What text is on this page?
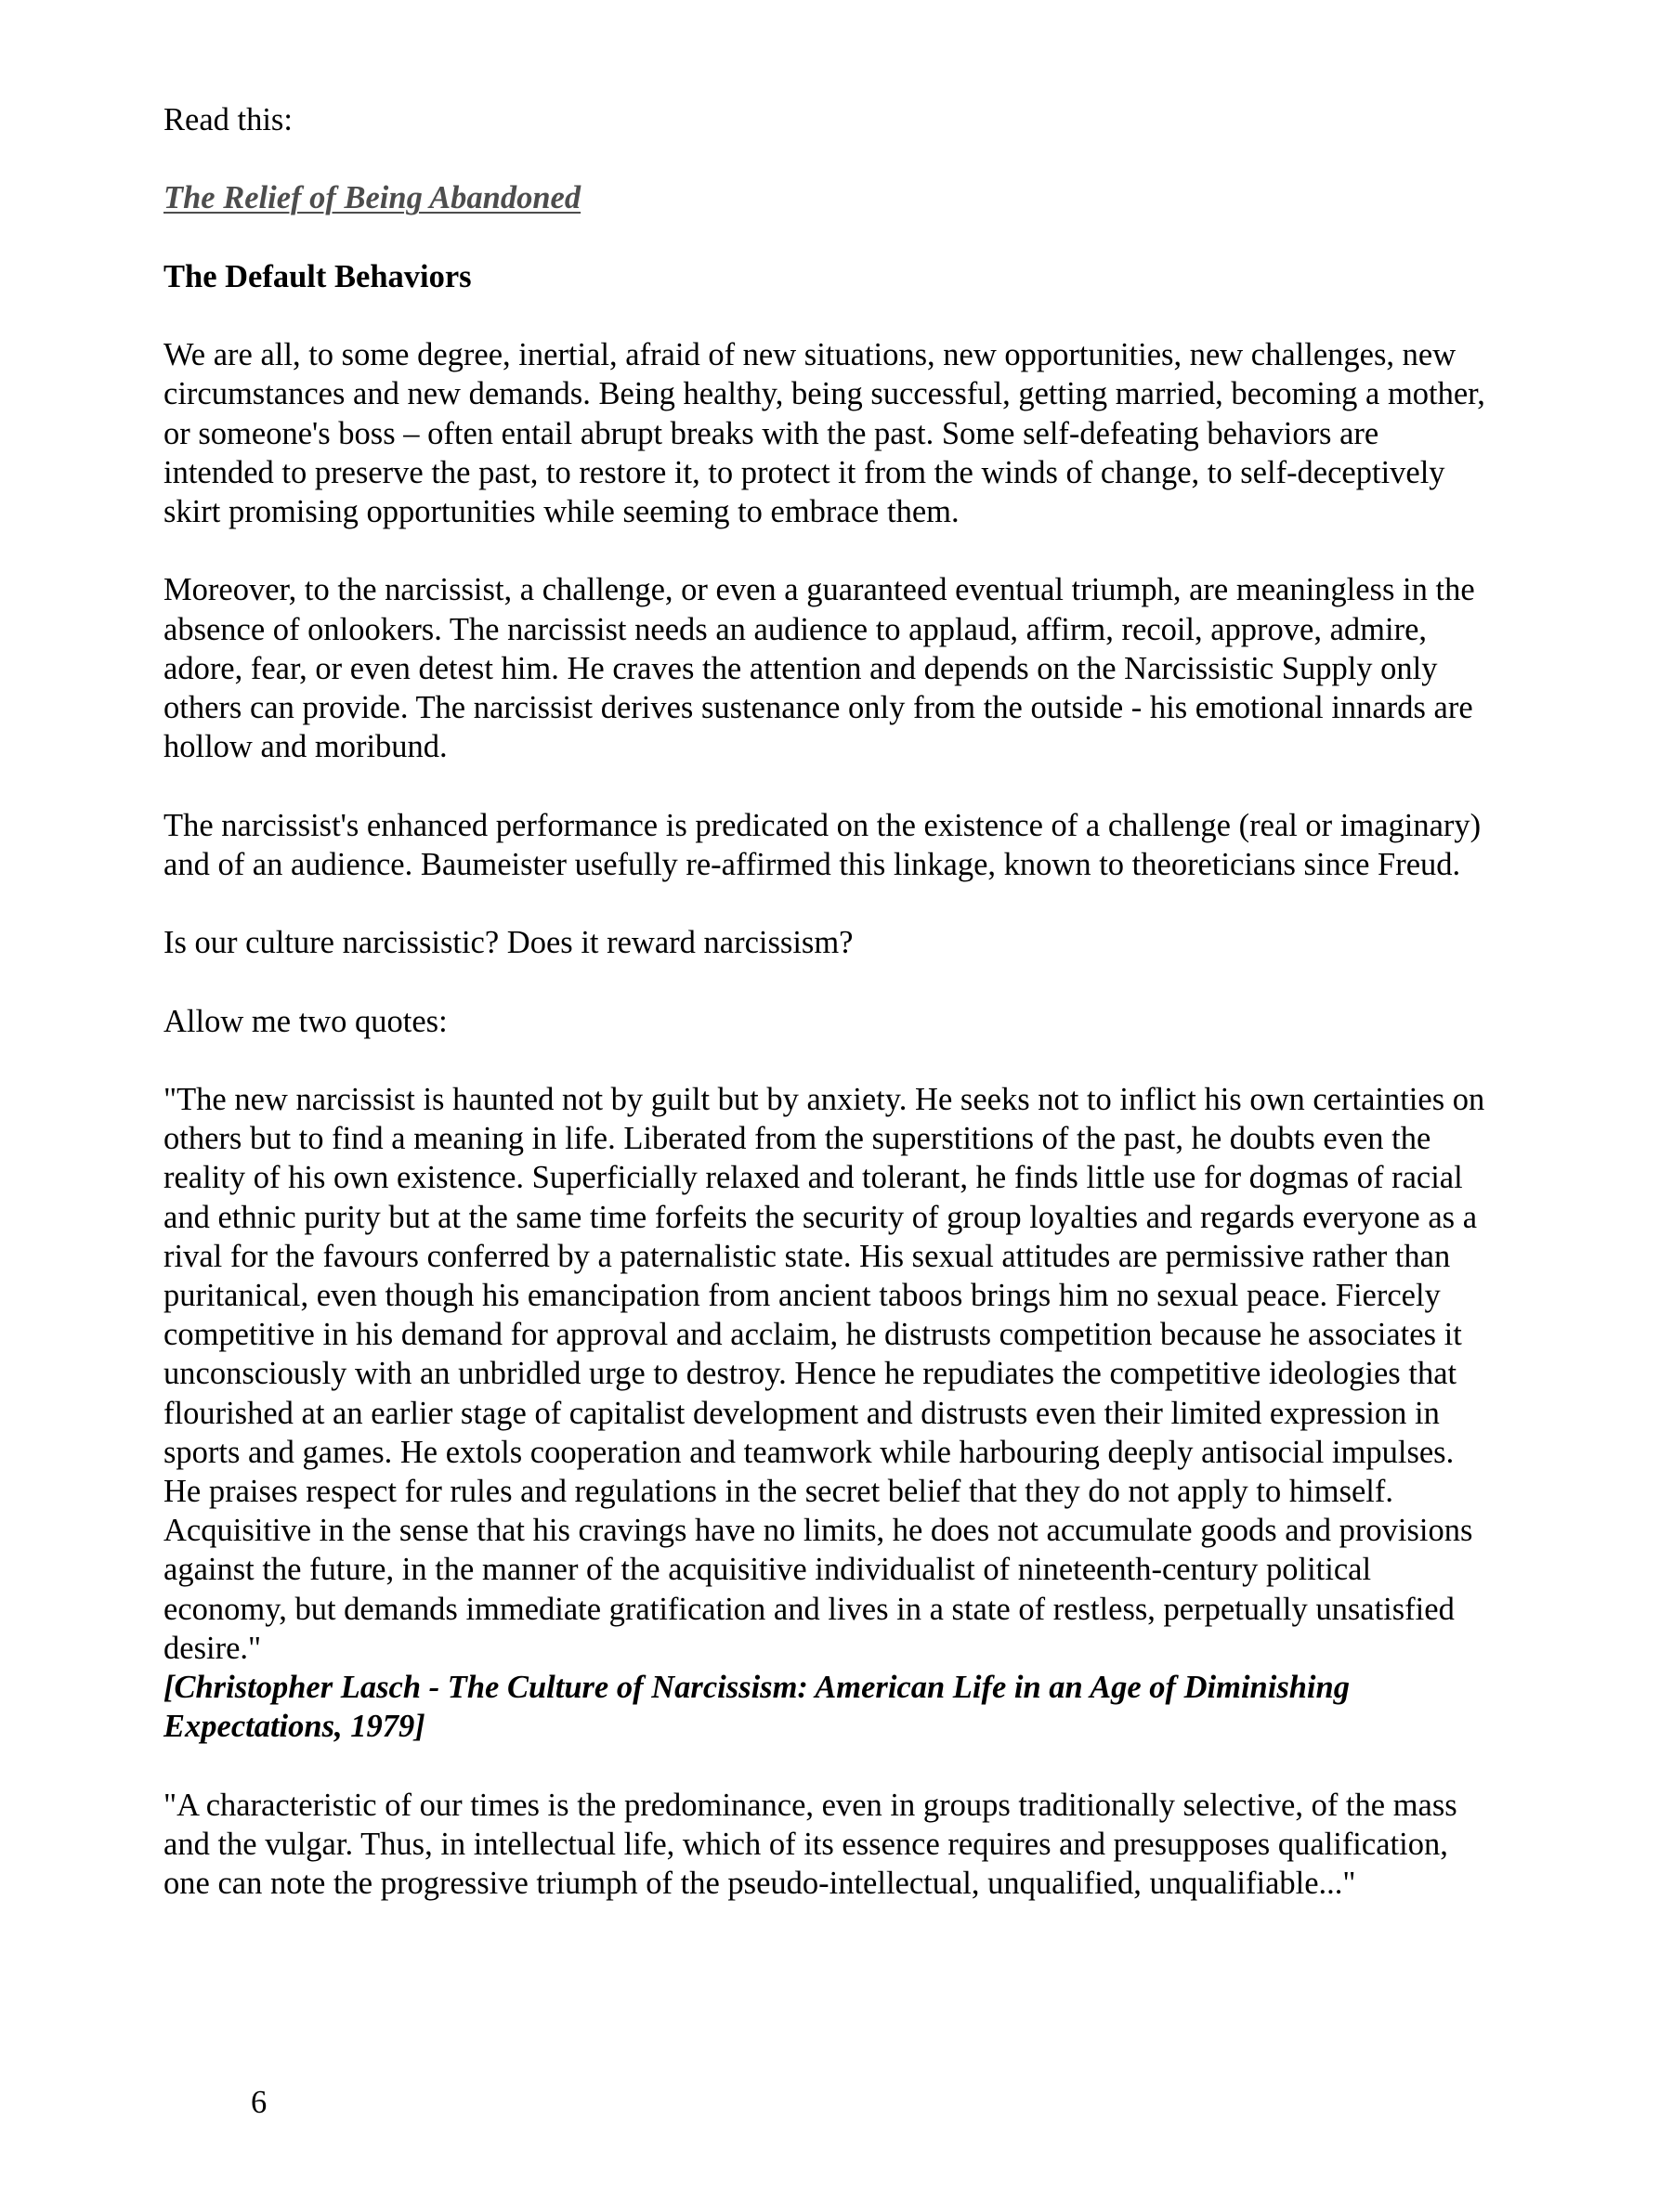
Read this:

The Relief of Being Abandoned

The Default Behaviors

We are all, to some degree, inertial, afraid of new situations, new opportunities, new challenges, new circumstances and new demands. Being healthy, being successful, getting married, becoming a mother, or someone's boss – often entail abrupt breaks with the past. Some self-defeating behaviors are intended to preserve the past, to restore it, to protect it from the winds of change, to self-deceptively skirt promising opportunities while seeming to embrace them.

Moreover, to the narcissist, a challenge, or even a guaranteed eventual triumph, are meaningless in the absence of onlookers. The narcissist needs an audience to applaud, affirm, recoil, approve, admire, adore, fear, or even detest him. He craves the attention and depends on the Narcissistic Supply only others can provide. The narcissist derives sustenance only from the outside - his emotional innards are hollow and moribund.

The narcissist's enhanced performance is predicated on the existence of a challenge (real or imaginary) and of an audience. Baumeister usefully re-affirmed this linkage, known to theoreticians since Freud.

Is our culture narcissistic? Does it reward narcissism?

Allow me two quotes:

"The new narcissist is haunted not by guilt but by anxiety. He seeks not to inflict his own certainties on others but to find a meaning in life. Liberated from the superstitions of the past, he doubts even the reality of his own existence. Superficially relaxed and tolerant, he finds little use for dogmas of racial and ethnic purity but at the same time forfeits the security of group loyalties and regards everyone as a rival for the favours conferred by a paternalistic state. His sexual attitudes are permissive rather than puritanical, even though his emancipation from ancient taboos brings him no sexual peace. Fiercely competitive in his demand for approval and acclaim, he distrusts competition because he associates it unconsciously with an unbridled urge to destroy. Hence he repudiates the competitive ideologies that flourished at an earlier stage of capitalist development and distrusts even their limited expression in sports and games. He extols cooperation and teamwork while harbouring deeply antisocial impulses. He praises respect for rules and regulations in the secret belief that they do not apply to himself. Acquisitive in the sense that his cravings have no limits, he does not accumulate goods and provisions against the future, in the manner of the acquisitive individualist of nineteenth-century political economy, but demands immediate gratification and lives in a state of restless, perpetually unsatisfied desire."

[Christopher Lasch - The Culture of Narcissism: American Life in an Age of Diminishing Expectations, 1979]

"A characteristic of our times is the predominance, even in groups traditionally selective, of the mass and the vulgar. Thus, in intellectual life, which of its essence requires and presupposes qualification, one can note the progressive triumph of the pseudo-intellectual, unqualified, unqualifiable..."

6
